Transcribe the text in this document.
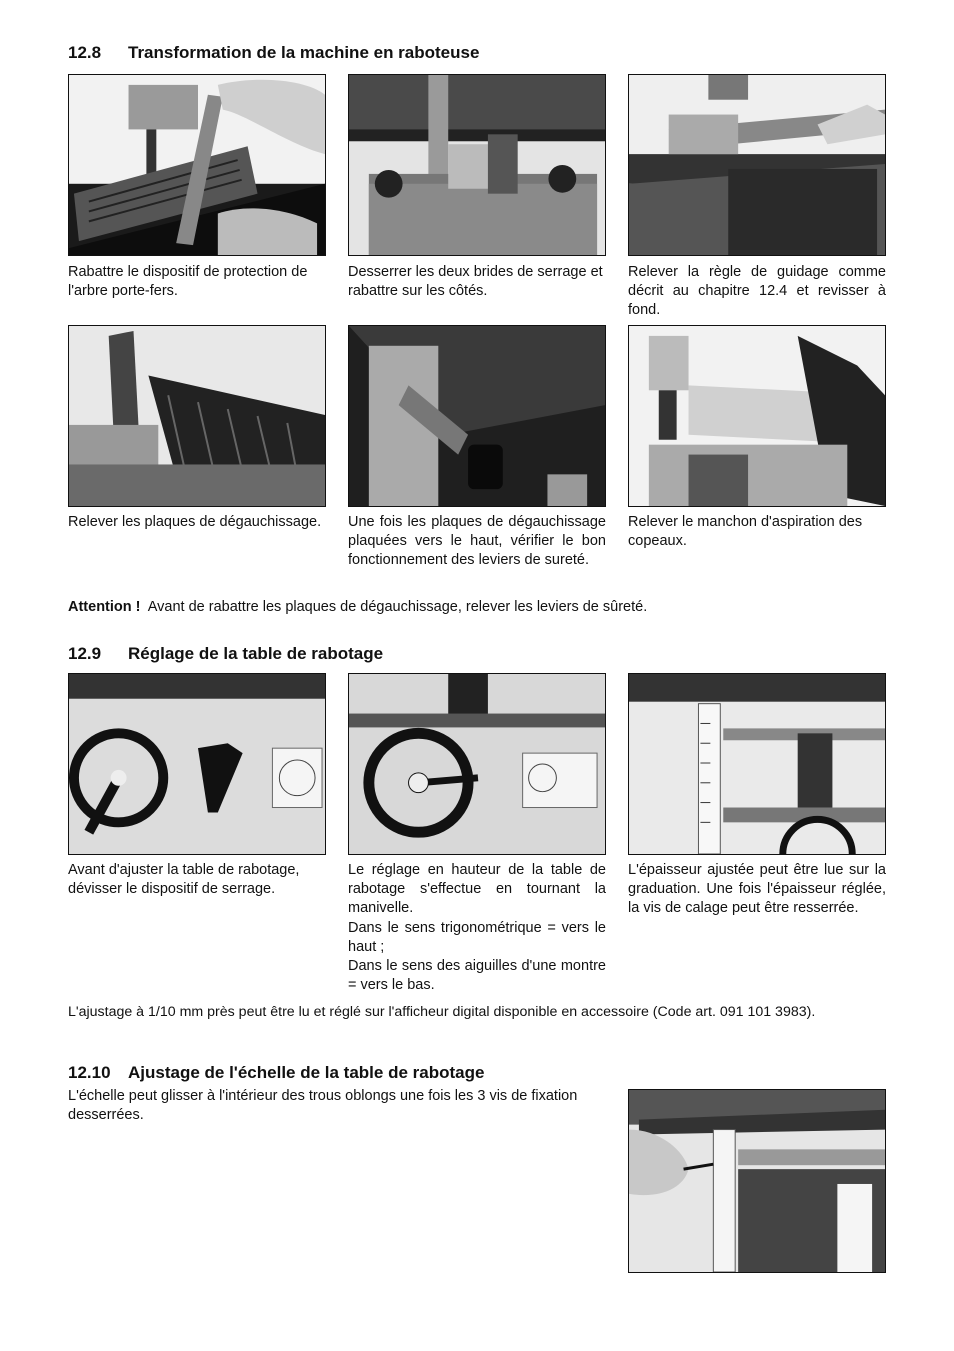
12.8 Transformation de la machine en raboteuse

Rabattre le dispositif de protection de l'arbre porte-fers.

Desserrer les deux brides de serrage et rabattre sur les côtés.

Relever la règle de guidage comme décrit au chapitre 12.4 et revisser à fond.

Relever les plaques de dégauchissage.	Une fois les plaques de dégauchissage plaquées vers le haut, vérifier le bon fonctionnement des leviers de sureté.

Relever le manchon d'aspiration des copeaux.

Attention ! Avant de rabattre les plaques de dégauchissage, relever les leviers de sûreté.

12.9 Réglage de la table de rabotage

Avant d'ajuster la table de rabotage, dévisser le dispositif de serrage.

Le réglage en hauteur de la table de rabotage s'effectue en tournant la manivelle.
Dans le sens trigonométrique = vers le haut ;
Dans le sens des aiguilles d'une montre = vers le bas.

L'épaisseur ajustée peut être lue sur la graduation. Une fois l'épaisseur réglée, la vis de calage peut être resserrée.

L'ajustage à 1/10 mm près peut être lu et réglé sur l'afficheur digital disponible en accessoire (Code art. 091 101 3983).

12.10 Ajustage de l'échelle de la table de rabotage

L'échelle peut glisser à l'intérieur des trous oblongs une fois les 3 vis de fixation desserrées.
